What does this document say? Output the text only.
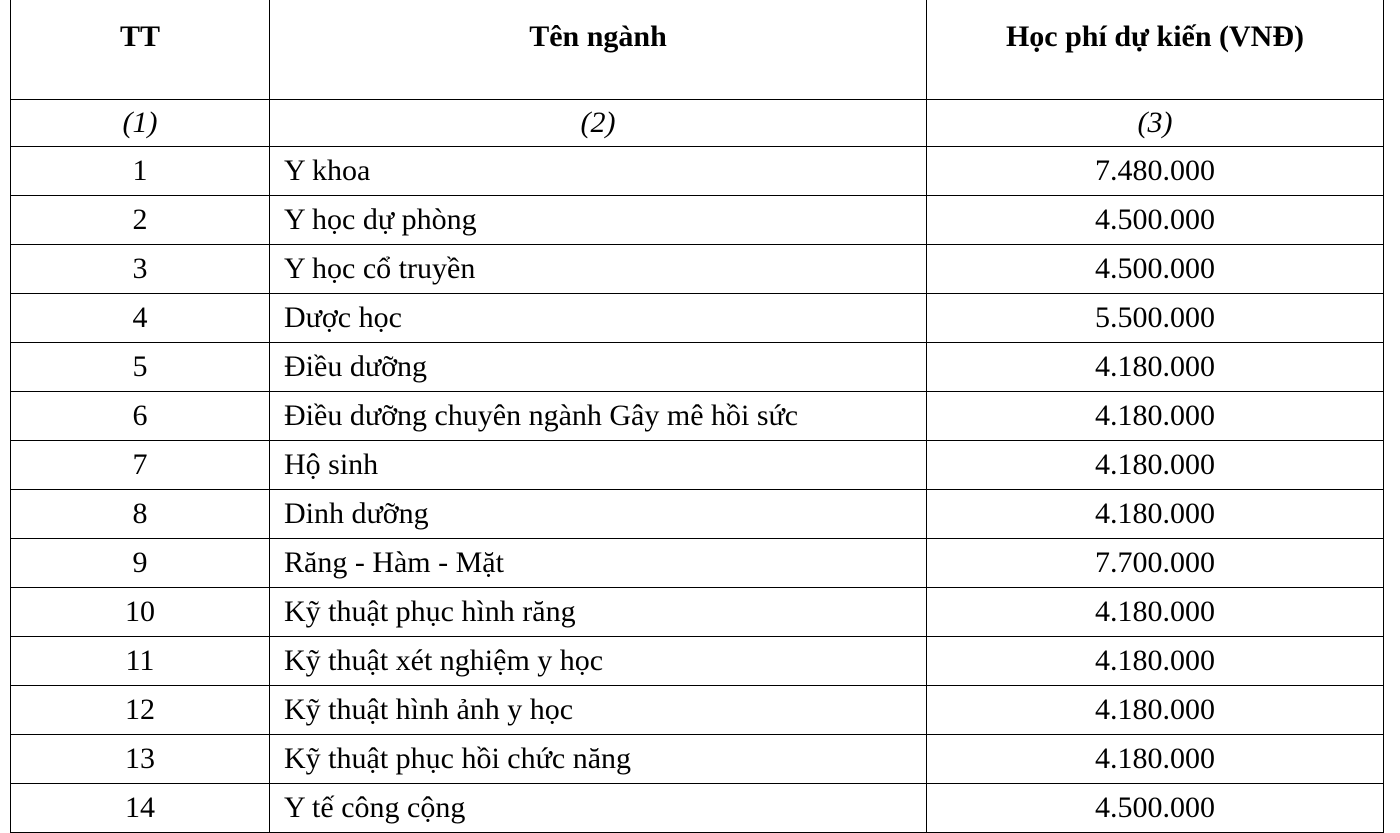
TT	Tên ngành	Học phí dự kiến (VNĐ)
(1)	(2)	(3)
1	Y khoa	7.480.000
2	Y học dự phòng	4.500.000
3	Y học cổ truyền	4.500.000
4	Dược học	5.500.000
5	Điều dưỡng	4.180.000
6	Điều dưỡng chuyên ngành Gây mê hồi sức	4.180.000
7	Hộ sinh	4.180.000
8	Dinh dưỡng	4.180.000
9	Răng - Hàm - Mặt	7.700.000
10	Kỹ thuật phục hình răng	4.180.000
11	Kỹ thuật xét nghiệm y học	4.180.000
12	Kỹ thuật hình ảnh y học	4.180.000
13	Kỹ thuật phục hồi chức năng	4.180.000
14	Y tế công cộng	4.500.000
